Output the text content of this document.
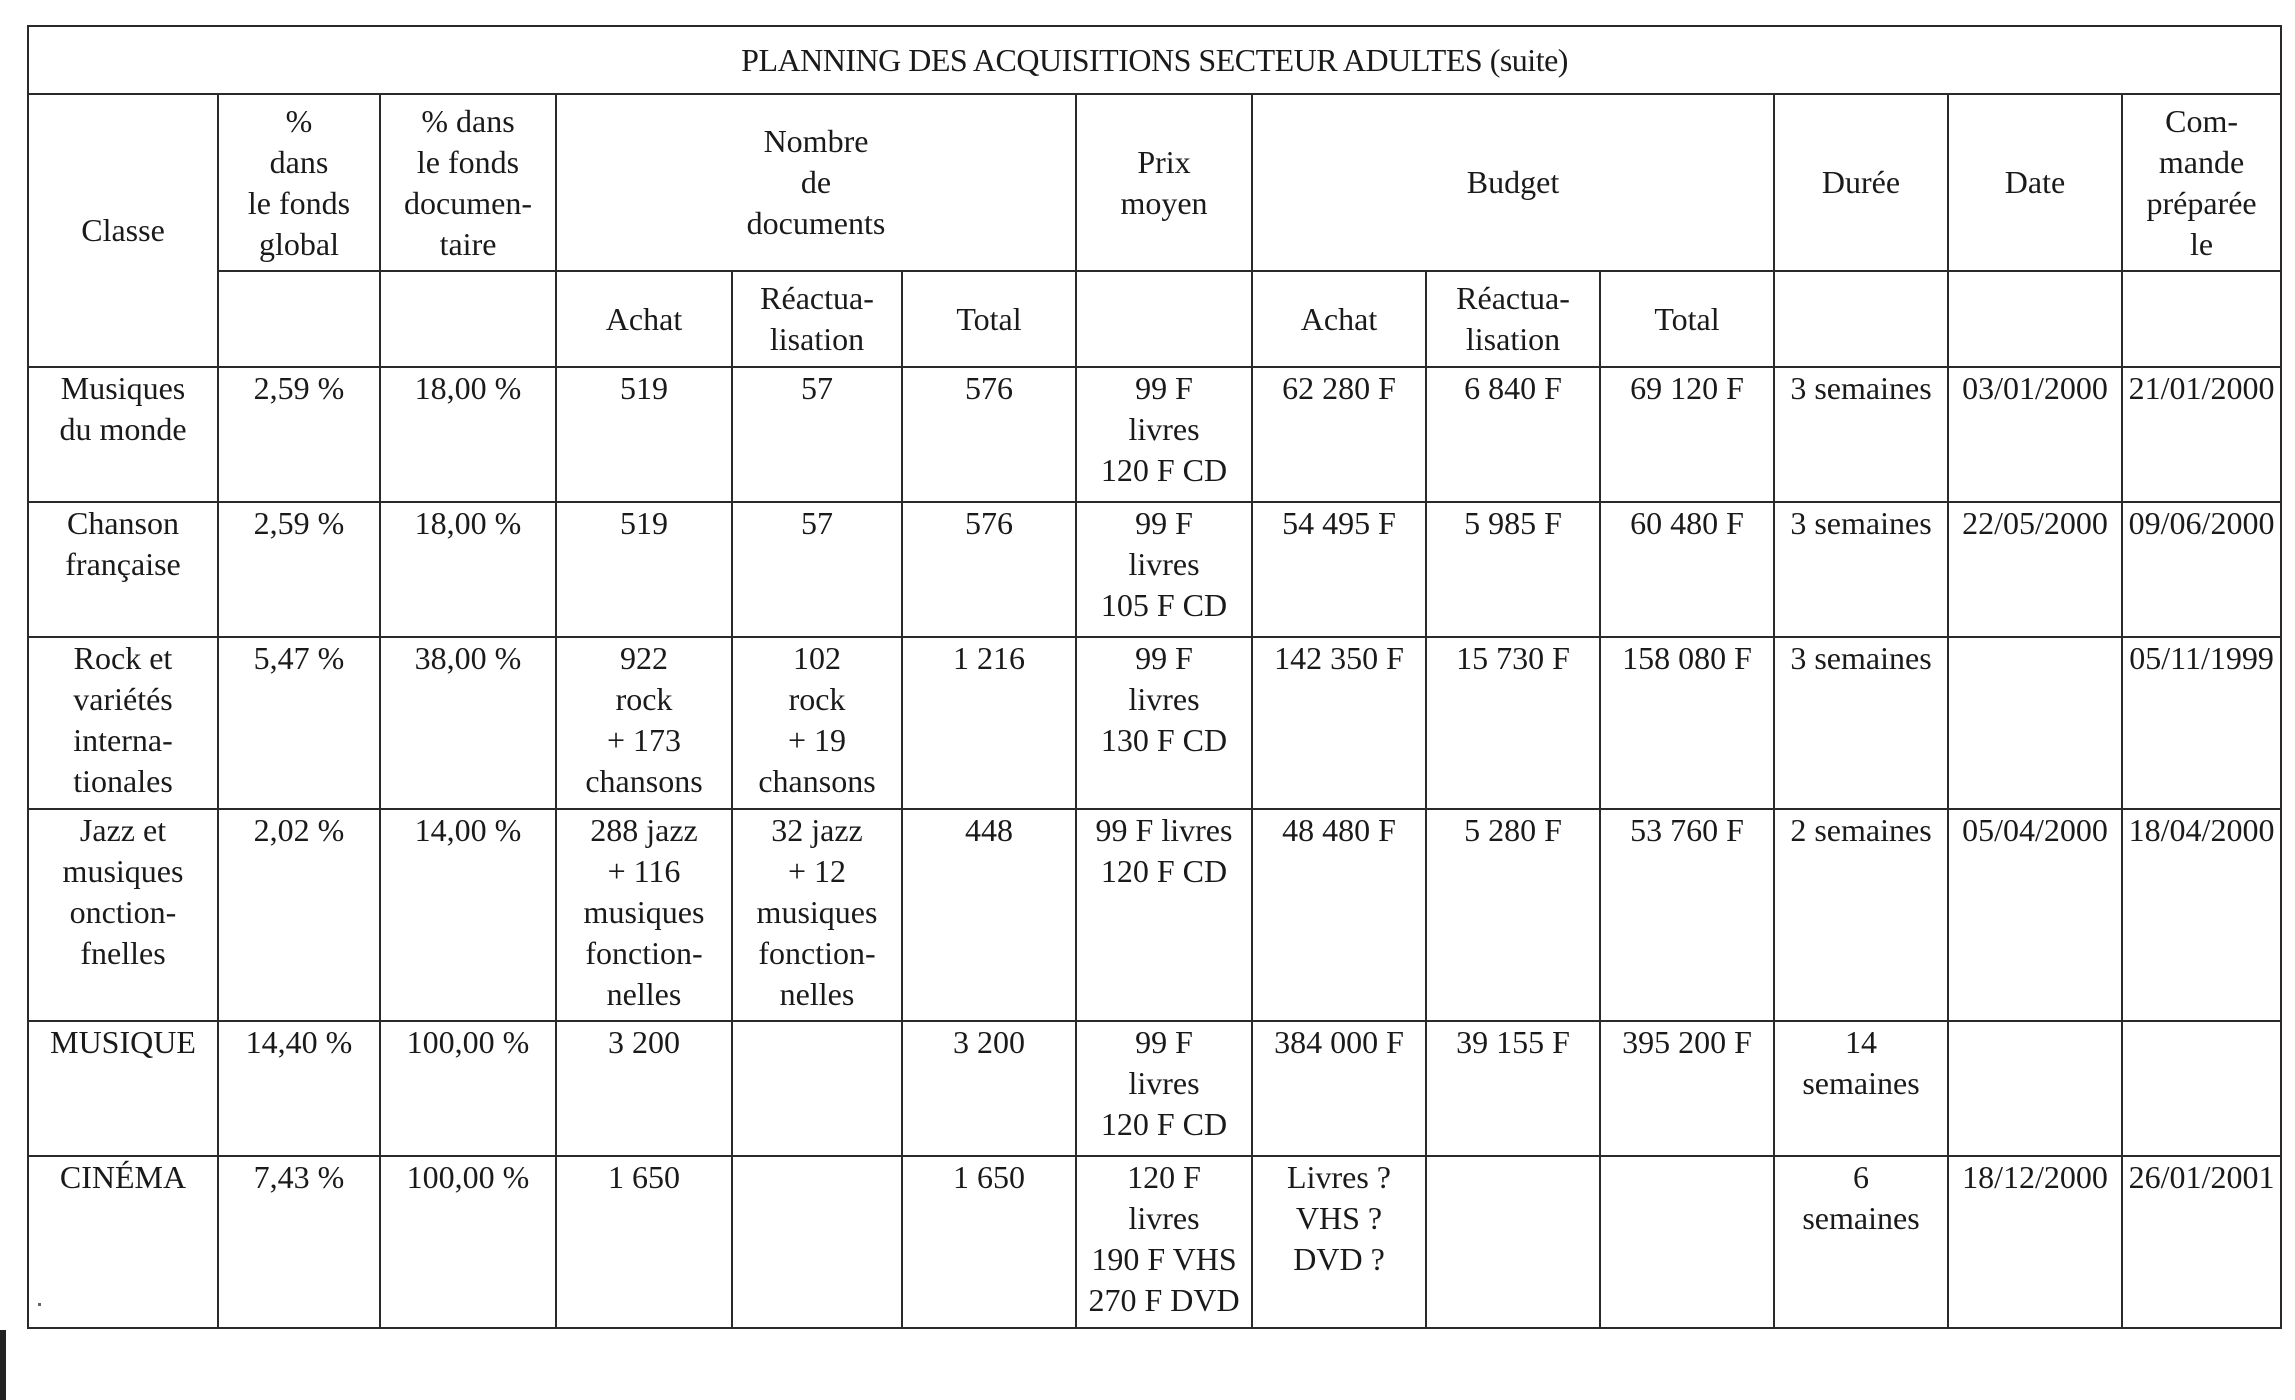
PLANNING DES ACQUISITIONS SECTEUR ADULTES (suite)												

Classe	%
dans
le fonds
global	% dans
le fonds
documen-
taire	Nombre
de
documents			Prix
moyen	Budget			Durée	Date	Com-
mande
préparée
le

			Achat	Réactua-
lisation	Total		Achat	Réactua-
lisation	Total			

Musiques
du monde	2,59 %	18,00 %	519	57	576	99 F
livres
120 F CD	62 280 F	6 840 F	69 120 F	3 semaines	03/01/2000	21/01/2000

Chanson
française	2,59 %	18,00 %	519	57	576	99 F
livres
105 F CD	54 495 F	5 985 F	60 480 F	3 semaines	22/05/2000	09/06/2000

Rock et
variétés
interna-
tionales	5,47 %	38,00 %	922
rock
+ 173
chansons	102
rock
+ 19
chansons	1 216	99 F
livres
130 F CD	142 350 F	15 730 F	158 080 F	3 semaines		05/11/1999

Jazz et
musiques
onction-
fnelles	2,02 %	14,00 %	288 jazz
+ 116
musiques
fonction-
nelles	32 jazz
+ 12
musiques
fonction-
nelles	448	99 F livres
120 F CD	48 480 F	5 280 F	53 760 F	2 semaines	05/04/2000	18/04/2000

MUSIQUE	14,40 %	100,00 %	3 200		3 200	99 F
livres
120 F CD	384 000 F	39 155 F	395 200 F	14
semaines		

CINÉMA	7,43 %	100,00 %	1 650		1 650	120 F
livres
190 F VHS
270 F DVD	Livres ?
VHS ?
DVD ?			6
semaines	18/12/2000	26/01/2001
